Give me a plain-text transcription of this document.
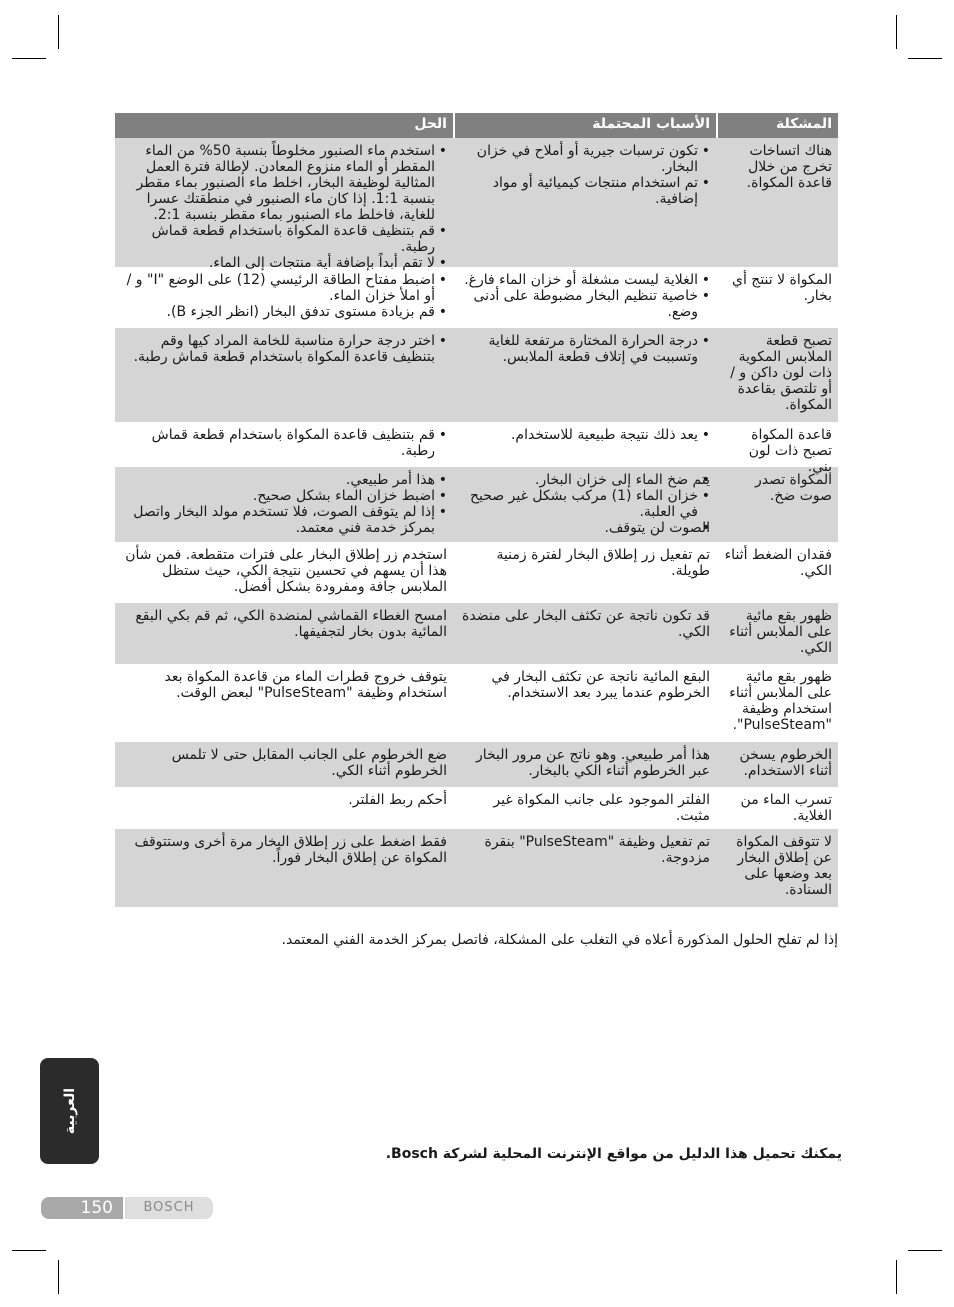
المشكلة
الأسباب المحتملة
الحل
هناك اتساخات تخرج من خلال قاعدة المكواة.
• تكون ترسبات جيرية أو أملاح في خزان البخار.
• تم استخدام منتجات كيميائية أو مواد إضافية.
• استخدم ماء الصنبور مخلوطاً بنسبة 50% من الماء المقطر أو الماء منزوع المعادن. لإطالة فترة العمل المثالية لوظيفة البخار، اخلط ماء الصنبور بماء مقطر بنسبة 1:1. إذا كان ماء الصنبور في منطقتك عسرا للغاية، فاخلط ماء الصنبور بماء مقطر بنسبة 2:1.
• قم بتنظيف قاعدة المكواة باستخدام قطعة قماش رطبة.
• لا تقم أبداً بإضافة أية منتجات إلى الماء.
المكواة لا تنتج أي بخار.
• الغلاية ليست مشغلة أو خزان الماء فارغ.
• خاصية تنظيم البخار مضبوطة على أدنى وضع.
• اضبط مفتاح الطاقة الرئيسي (12) على الوضع "I" و / أو املأ خزان الماء.
• قم بزيادة مستوى تدفق البخار (انظر الجزء B).
تصبح قطعة الملابس المكوية ذات لون داكن و / أو تلتصق بقاعدة المكواة.
• درجة الحرارة المختارة مرتفعة للغاية وتسببت في إتلاف قطعة الملابس.
• اختر درجة حرارة مناسبة للخامة المراد كيها وقم بتنظيف قاعدة المكواة باستخدام قطعة قماش رطبة.
قاعدة المكواة تصبح ذات لون بني.
• يعد ذلك نتيجة طبيعية للاستخدام.
• قم بتنظيف قاعدة المكواة باستخدام قطعة قماش رطبة.
المكواة تصدر صوت ضخ.
• يتم ضخ الماء إلى خزان البخار.
• خزان الماء (1) مركب بشكل غير صحيح في العلبة.
• الصوت لن يتوقف.
• هذا أمر طبيعي.
• اضبط خزان الماء بشكل صحيح.
• إذا لم يتوقف الصوت، فلا تستخدم مولد البخار واتصل بمركز خدمة فني معتمد.
فقدان الضغط أثناء الكي.
تم تفعيل زر إطلاق البخار لفترة زمنية طويلة.
استخدم زر إطلاق البخار على فترات متقطعة. فمن شأن هذا أن يسهم في تحسين نتيجة الكي، حيث ستظل الملابس جافة ومفرودة بشكل أفضل.
ظهور بقع مائية على الملابس أثناء الكي.
قد تكون ناتجة عن تكثف البخار على منضدة الكي.
امسح الغطاء القماشي لمنضدة الكي، ثم قم بكي البقع المائية بدون بخار لتجفيفها.
ظهور بقع مائية على الملابس أثناء استخدام وظيفة "PulseSteam".
البقع المائية ناتجة عن تكثف البخار في الخرطوم عندما يبرد بعد الاستخدام.
يتوقف خروج قطرات الماء من قاعدة المكواة بعد استخدام وظيفة "PulseSteam" لبعض الوقت.
الخرطوم يسخن أثناء الاستخدام.
هذا أمر طبيعي. وهو ناتج عن مرور البخار عبر الخرطوم أثناء الكي بالبخار.
ضع الخرطوم على الجانب المقابل حتى لا تلمس الخرطوم أثناء الكي.
تسرب الماء من الغلاية.
الفلتر الموجود على جانب المكواة غير مثبت.
أحكم ربط الفلتر.
لا تتوقف المكواة عن إطلاق البخار بعد وضعها على السنادة.
تم تفعيل وظيفة "PulseSteam" بنقرة مزدوجة.
فقط اضغط على زر إطلاق البخار مرة أخرى وستتوقف المكواة عن إطلاق البخار فوراً.
إذا لم تفلح الحلول المذكورة أعلاه في التغلب على المشكلة، فاتصل بمركز الخدمة الفني المعتمد.
يمكنك تحميل هذا الدليل من مواقع الإنترنت المحلية لشركة Bosch.
العربية
150	BOSCH
